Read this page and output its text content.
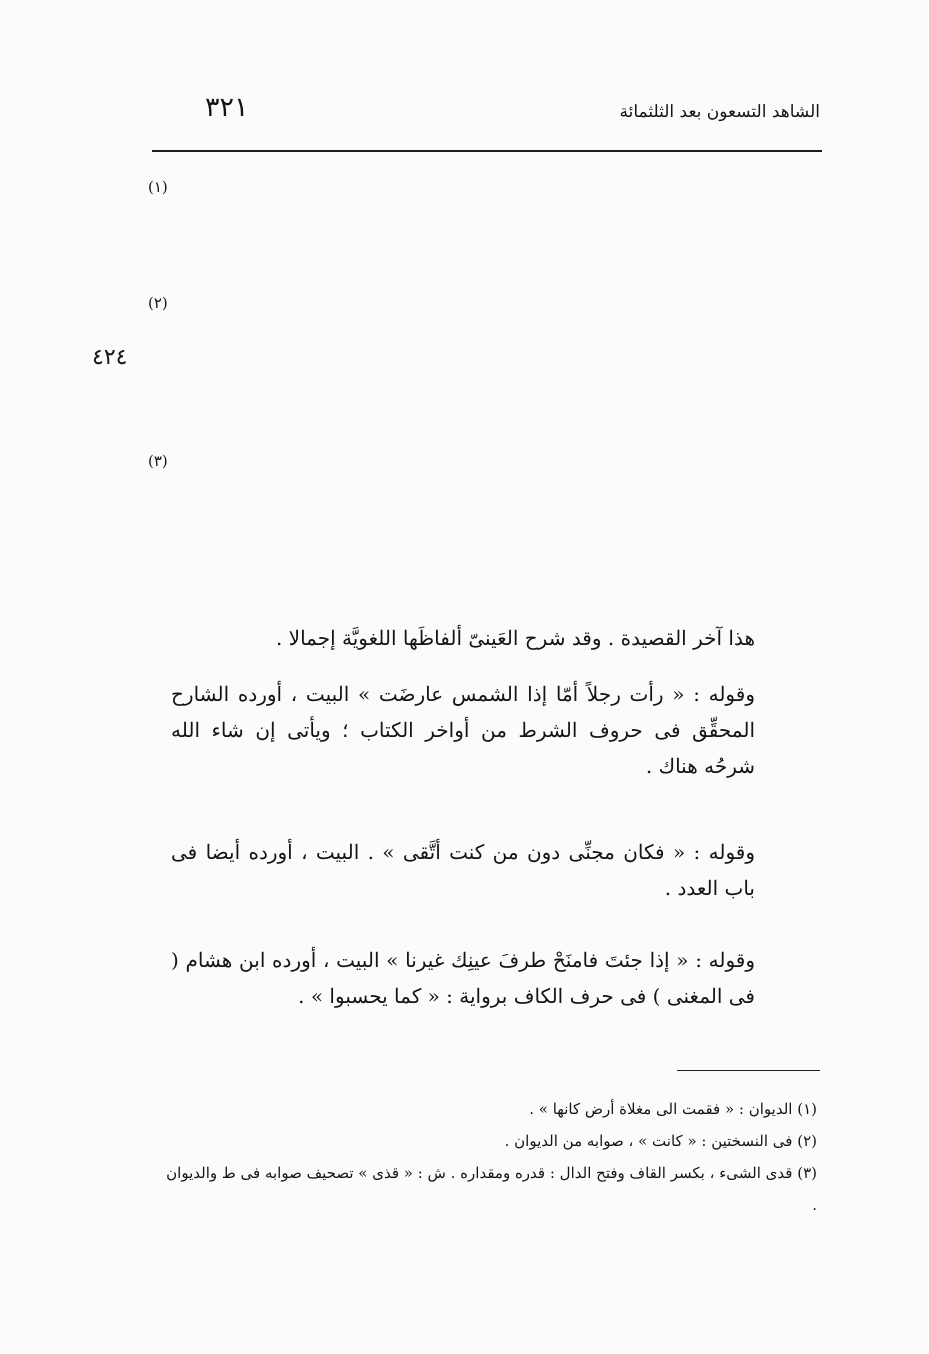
الشاهد التسعون بعد الثلثمائة
٣٢١
٤٢٤
(١)
(٢)
(٣)

هذا آخر القصيدة . وقد شرح العَينىّ ألفاظَها اللغويَّة إجمالا .

وقوله : « رأت رجلاً أمّا إذا الشمس عارضَت » البيت ، أورده الشارح المحقِّق فى حروف الشرط من أواخر الكتاب ؛ ويأتى إن شاء الله شرحُه هناك .

وقوله : « فكان مجنِّى دون من كنت أتَّقى » . البيت ، أورده أيضا فى باب العدد .

وقوله : « إذا جئتَ فامنَحْ طرفَ عينِك غيرنا » البيت ، أورده ابن هشام ( فى المغنى ) فى حرف الكاف برواية : « كما يحسبوا » .

(١) الديوان : « فقمت الى مغلاة أرض كانها » .

(٢) فى النسختين : « كانت » ، صوابه من الديوان .

(٣) قدى الشىء ، بكسر القاف وفتح الدال : قدره ومقداره . ش : « قذى » تصحيف صوابه فى ط والديوان .
